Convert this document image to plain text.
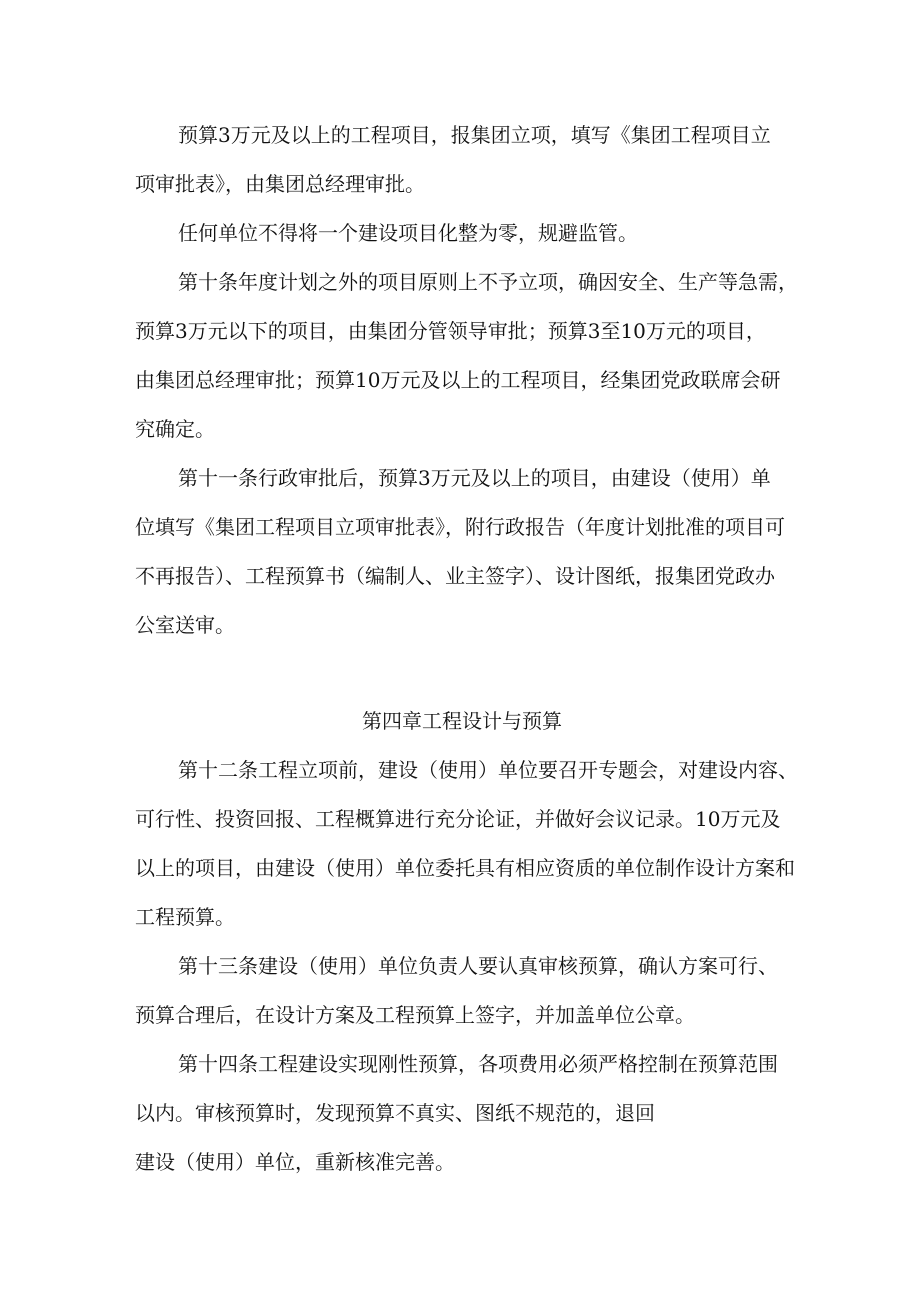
预算3万元及以上的工程项目，报集团立项，填写《集团工程项目立

项审批表》，由集团总经理审批。

任何单位不得将一个建设项目化整为零，规避监管。

第十条年度计划之外的项目原则上不予立项，确因安全、生产等急需，

预算3万元以下的项目，由集团分管领导审批；预算3至10万元的项目，

由集团总经理审批；预算10万元及以上的工程项目，经集团党政联席会研

究确定。

第十一条行政审批后，预算3万元及以上的项目，由建设（使用）单

位填写《集团工程项目立项审批表》，附行政报告（年度计划批准的项目可

不再报告）、工程预算书（编制人、业主签字）、设计图纸，报集团党政办

公室送审。

第四章工程设计与预算

第十二条工程立项前，建设（使用）单位要召开专题会，对建设内容、

可行性、投资回报、工程概算进行充分论证，并做好会议记录。10万元及

以上的项目，由建设（使用）单位委托具有相应资质的单位制作设计方案和

工程预算。

第十三条建设（使用）单位负责人要认真审核预算，确认方案可行、

预算合理后，在设计方案及工程预算上签字，并加盖单位公章。

第十四条工程建设实现刚性预算，各项费用必须严格控制在预算范围

以内。审核预算时，发现预算不真实、图纸不规范的，退回

建设（使用）单位，重新核准完善。
